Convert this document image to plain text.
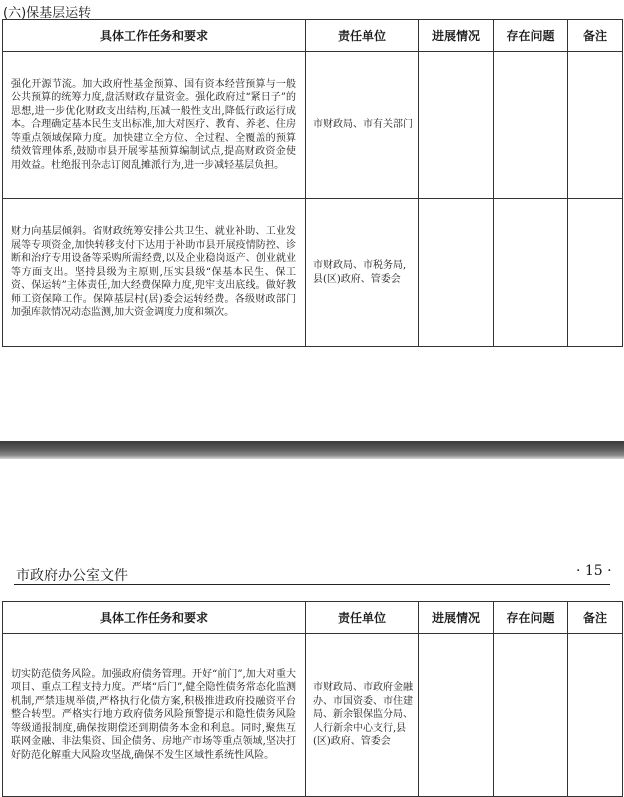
(六)保基层运转
具体工作任务和要求	责任单位	进展情况	存在问题	备注
强化开源节流。加大政府性基金预算、国有资本经营预算与一般公共预算的统筹力度,盘活财政存量资金。强化政府过“紧日子”的思想,进一步优化财政支出结构,压减一般性支出,降低行政运行成本。合理确定基本民生支出标准,加大对医疗、教育、养老、住房等重点领域保障力度。加快建立全方位、全过程、全覆盖的预算绩效管理体系,鼓励市县开展零基预算编制试点,提高财政资金使用效益。杜绝报刊杂志订阅乱摊派行为,进一步减轻基层负担。	市财政局、市有关部门			
财力向基层倾斜。省财政统筹安排公共卫生、就业补助、工业发展等专项资金,加快转移支付下达用于补助市县开展疫情防控、诊断和治疗专用设备等采购所需经费,以及企业稳岗返产、创业就业等方面支出。坚持县级为主原则,压实县级“保基本民生、保工资、保运转”主体责任,加大经费保障力度,兜牢支出底线。做好教师工资保障工作。保障基层村(居)委会运转经费。各级财政部门加强库款情况动态监测,加大资金调度力度和频次。	市财政局、市税务局,县(区)政府、管委会			
市政府办公室文件	· 15 ·
具体工作任务和要求	责任单位	进展情况	存在问题	备注
切实防范债务风险。加强政府债务管理。开好“前门”,加大对重大项目、重点工程支持力度。严堵“后门”,健全隐性债务常态化监测机制,严禁违规举债,严格执行化债方案,积极推进政府投融资平台整合转型。严格实行地方政府债务风险预警提示和隐性债务风险等级通报制度,确保按期偿还到期债务本金和利息。同时,聚焦互联网金融、非法集资、国企债务、房地产市场等重点领域,坚决打好防范化解重大风险攻坚战,确保不发生区域性系统性风险。	市财政局、市政府金融办、市国资委、市住建局、新余银保监分局、人行新余中心支行,县(区)政府、管委会			
